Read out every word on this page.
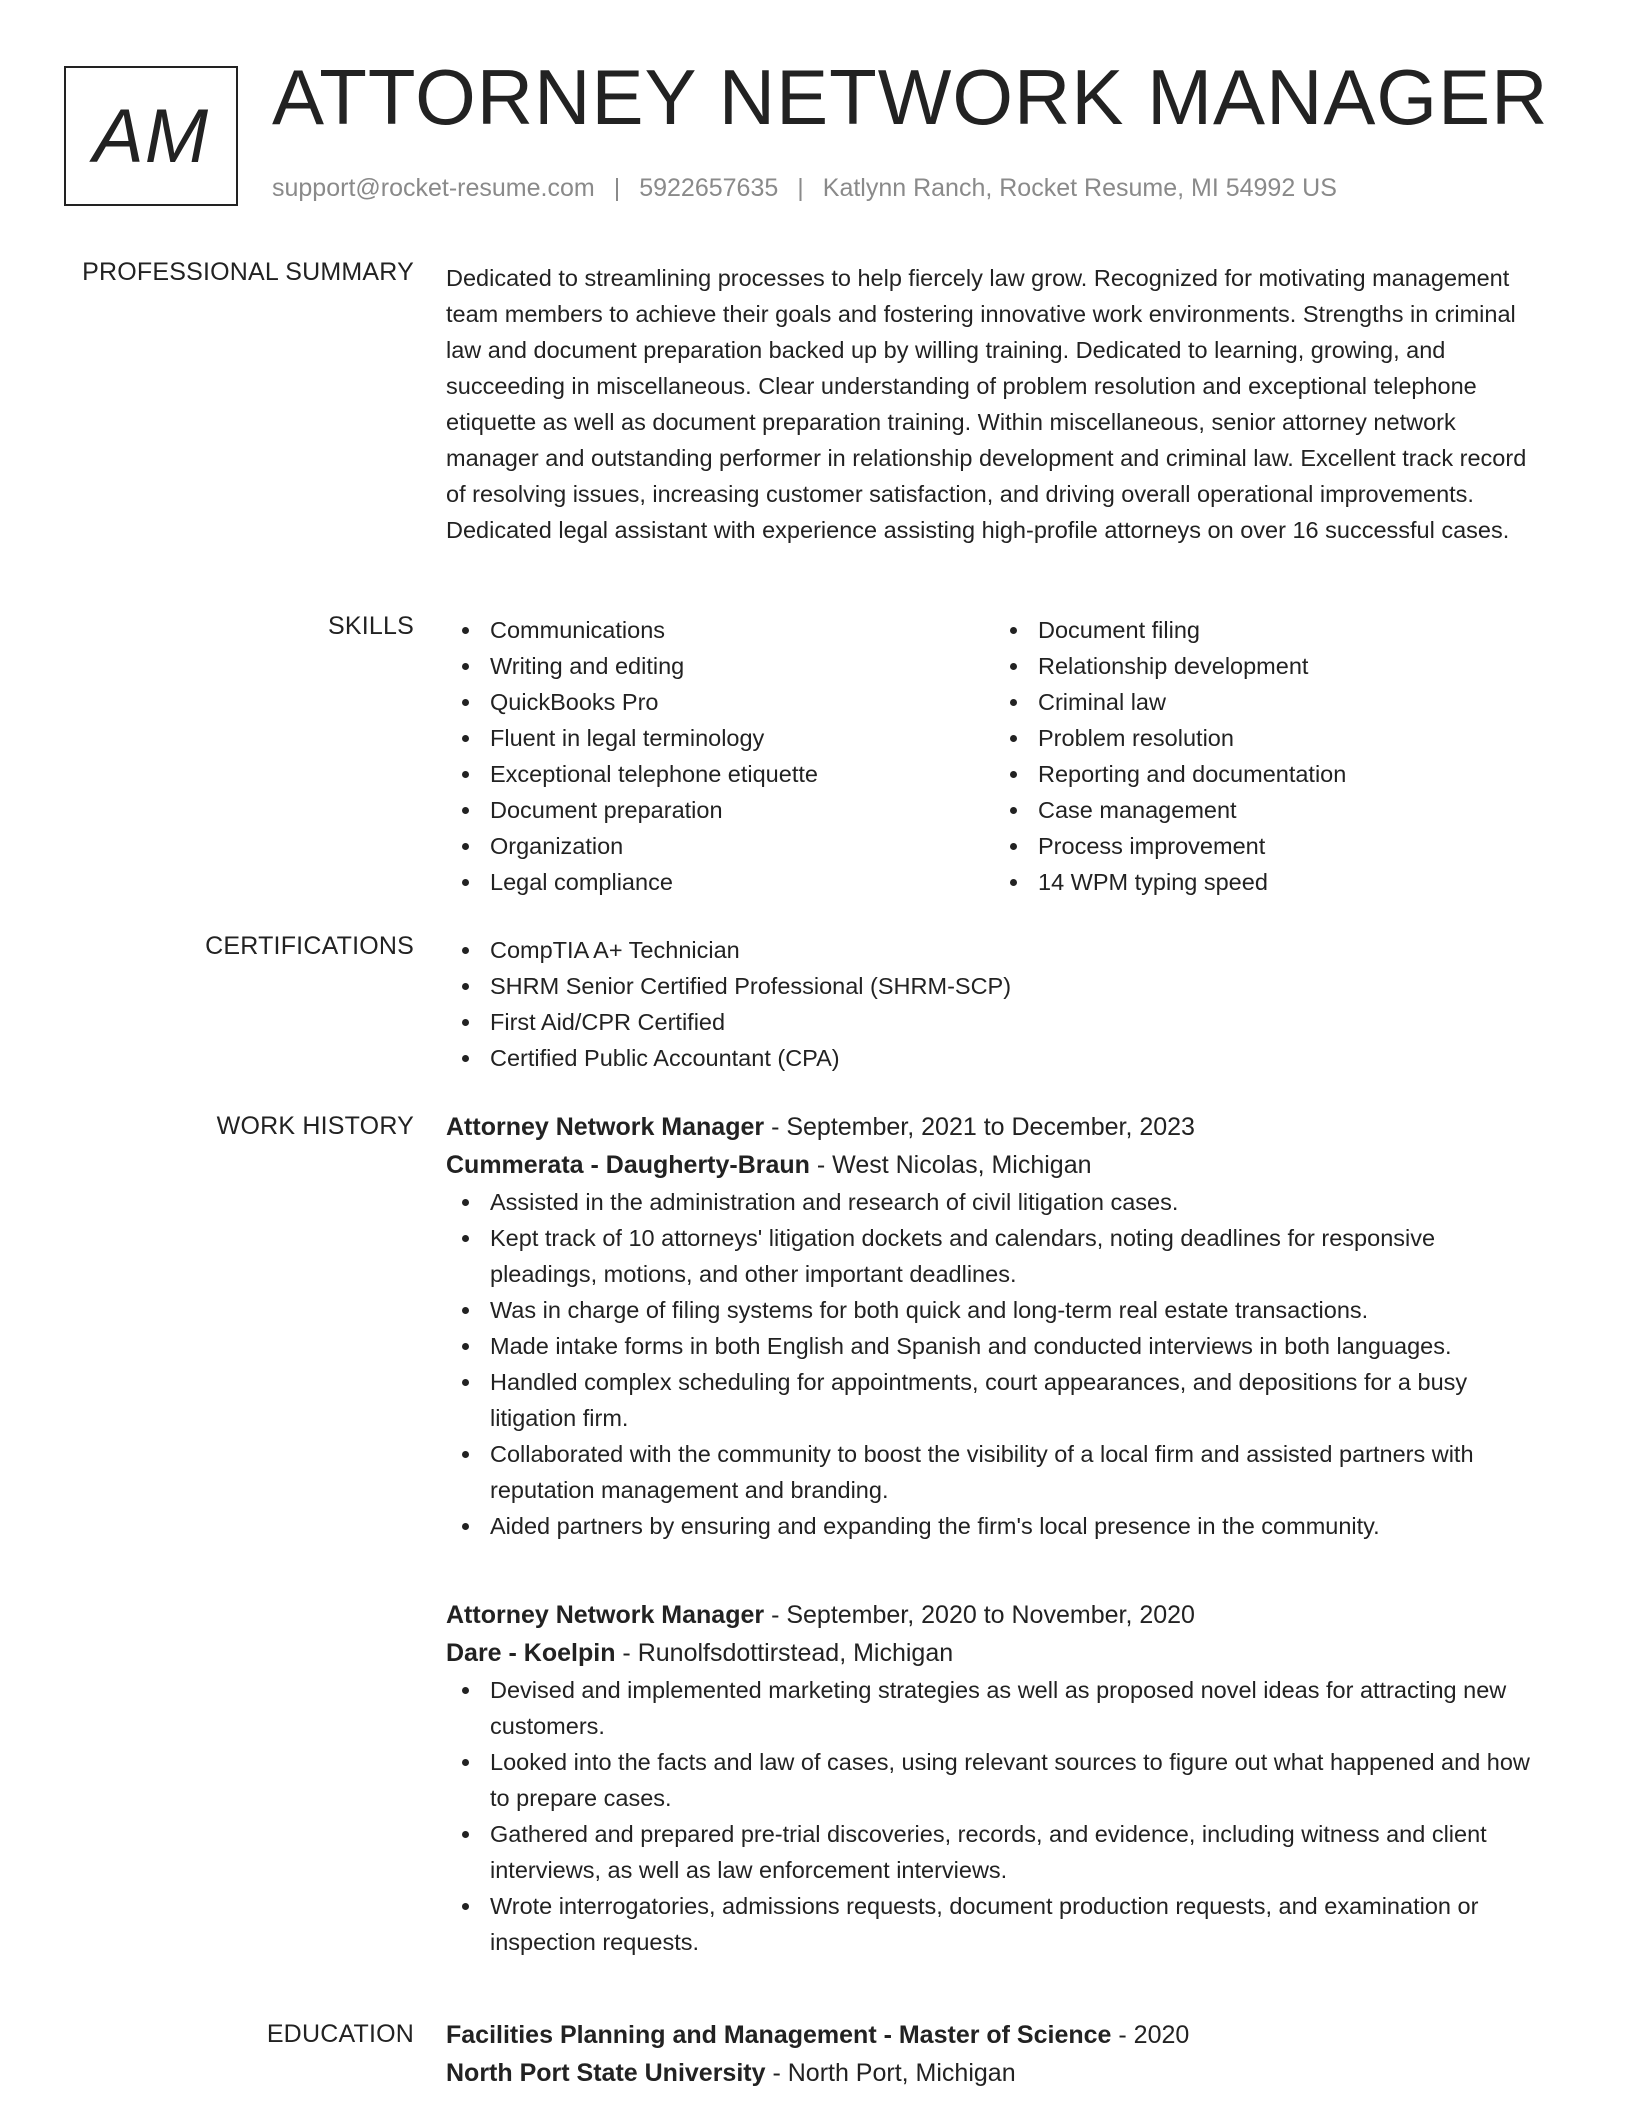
AM ATTORNEY NETWORK MANAGER
support@rocket-resume.com | 5922657635 | Katlynn Ranch, Rocket Resume, MI 54992 US
PROFESSIONAL SUMMARY Dedicated to streamlining processes to help fiercely law grow. Recognized for motivating management team members to achieve their goals and fostering innovative work environments. Strengths in criminal law and document preparation backed up by willing training. Dedicated to learning, growing, and succeeding in miscellaneous. Clear understanding of problem resolution and exceptional telephone etiquette as well as document preparation training. Within miscellaneous, senior attorney network manager and outstanding performer in relationship development and criminal law. Excellent track record of resolving issues, increasing customer satisfaction, and driving overall operational improvements. Dedicated legal assistant with experience assisting high-profile attorneys on over 16 successful cases.
SKILLS	Communications
Writing and editing
QuickBooks Pro
Fluent in legal terminology
Exceptional telephone etiquette
Document preparation
Organization
Legal compliance
Document filing
Relationship development
Criminal law
Problem resolution
Reporting and documentation
Case management
Process improvement
14 WPM typing speed
CERTIFICATIONS	CompTIA A+ Technician
SHRM Senior Certified Professional (SHRM-SCP)
First Aid/CPR Certified
Certified Public Accountant (CPA)
WORK HISTORY Attorney Network Manager - September, 2021 to December, 2023
Cummerata - Daugherty-Braun - West Nicolas, Michigan
Assisted in the administration and research of civil litigation cases.
Kept track of 10 attorneys' litigation dockets and calendars, noting deadlines for responsive pleadings, motions, and other important deadlines.
Was in charge of filing systems for both quick and long-term real estate transactions.
Made intake forms in both English and Spanish and conducted interviews in both languages.
Handled complex scheduling for appointments, court appearances, and depositions for a busy litigation firm.
Collaborated with the community to boost the visibility of a local firm and assisted partners with reputation management and branding.
Aided partners by ensuring and expanding the firm's local presence in the community.
Attorney Network Manager - September, 2020 to November, 2020
Dare - Koelpin - Runolfsdottirstead, Michigan
Devised and implemented marketing strategies as well as proposed novel ideas for attracting new customers.
Looked into the facts and law of cases, using relevant sources to figure out what happened and how to prepare cases.
Gathered and prepared pre-trial discoveries, records, and evidence, including witness and client interviews, as well as law enforcement interviews.
Wrote interrogatories, admissions requests, document production requests, and examination or inspection requests.
EDUCATION Facilities Planning and Management - Master of Science - 2020
North Port State University - North Port, Michigan
